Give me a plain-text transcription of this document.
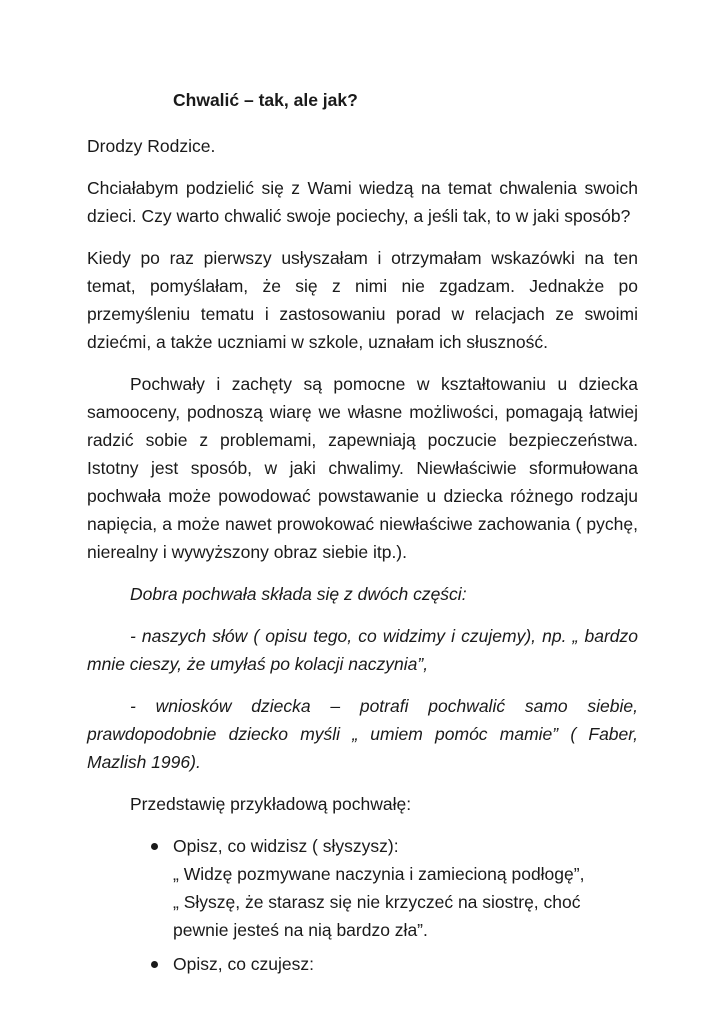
Chwalić – tak, ale jak?

Drodzy Rodzice.

Chciałabym podzielić się z Wami wiedzą na temat chwalenia swoich dzieci. Czy warto chwalić swoje pociechy, a jeśli tak, to w jaki sposób?

Kiedy po raz pierwszy usłyszałam i otrzymałam wskazówki na ten temat, pomyślałam, że się z nimi nie zgadzam. Jednakże po przemyśleniu tematu i zastosowaniu porad w relacjach ze swoimi dziećmi, a także uczniami w szkole, uznałam ich słuszność.

Pochwały i zachęty są pomocne w kształtowaniu u dziecka samooceny, podnoszą wiarę we własne możliwości, pomagają łatwiej radzić sobie z problemami, zapewniają poczucie bezpieczeństwa. Istotny jest sposób, w jaki chwalimy. Niewłaściwie sformułowana pochwała może powodować powstawanie u dziecka różnego rodzaju napięcia, a może nawet prowokować niewłaściwe zachowania ( pychę, nierealny i wywyższony obraz siebie itp.).

Dobra pochwała składa się z dwóch części:

- naszych słów ( opisu tego, co widzimy i czujemy), np. „ bardzo mnie cieszy, że umyłaś po kolacji naczynia”,

- wniosków dziecka – potrafi pochwalić samo siebie, prawdopodobnie dziecko myśli „ umiem pomóc mamie” ( Faber, Mazlish 1996).

Przedstawię przykładową pochwałę:

Opisz, co widzisz ( słyszysz):
„ Widzę pozmywane naczynia i zamiecioną podłogę”,
„ Słyszę, że starasz się nie krzyczeć na siostrę, choć pewnie jesteś na nią bardzo zła”.
Opisz, co czujesz:
